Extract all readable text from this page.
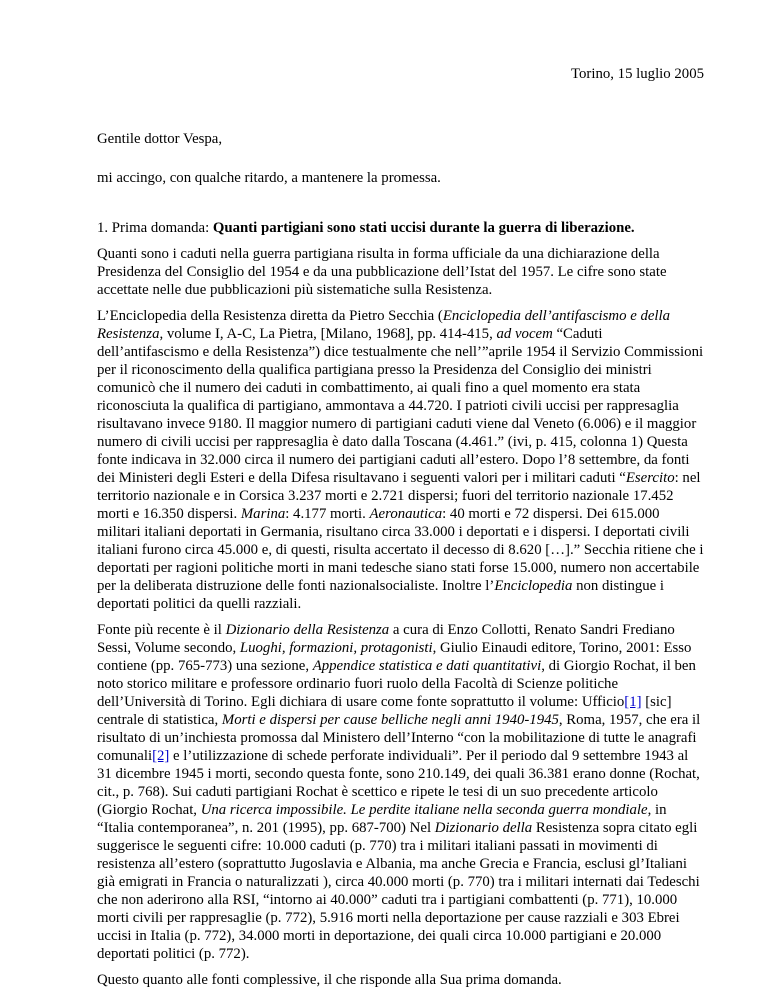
Torino, 15 luglio 2005

Gentile dottor Vespa,

mi accingo, con qualche ritardo, a mantenere la promessa.

1. Prima domanda: Quanti partigiani sono stati uccisi durante la guerra di liberazione.

Quanti sono i caduti nella guerra partigiana risulta in forma ufficiale da una dichiarazione della Presidenza del Consiglio del 1954 e da una pubblicazione dell’Istat del 1957. Le cifre sono state accettate nelle due pubblicazioni più sistematiche sulla Resistenza.

L’Enciclopedia della Resistenza diretta da Pietro Secchia (Enciclopedia dell’antifascismo e della Resistenza, volume I, A-C, La Pietra, [Milano, 1968], pp. 414-415, ad vocem “Caduti dell’antifascismo e della Resistenza”) dice testualmente che nell’”aprile 1954 il Servizio Commissioni per il riconoscimento della qualifica partigiana presso la Presidenza del Consiglio dei ministri comunicò che il numero dei caduti in combattimento, ai quali fino a quel momento era stata riconosciuta la qualifica di partigiano, ammontava a 44.720. I patrioti civili uccisi per rappresaglia risultavano invece 9180. Il maggior numero di partigiani caduti viene dal Veneto (6.006) e il maggior numero di civili uccisi per rappresaglia è dato dalla Toscana (4.461.” (ivi, p. 415, colonna 1) Questa fonte indicava in 32.000 circa il numero dei partigiani caduti all’estero. Dopo l’8 settembre, da fonti dei Ministeri degli Esteri e della Difesa risultavano i seguenti valori per i militari caduti “Esercito: nel territorio nazionale e in Corsica 3.237 morti e 2.721 dispersi; fuori del territorio nazionale 17.452 morti e 16.350 dispersi. Marina: 4.177 morti. Aeronautica: 40 morti e 72 dispersi. Dei 615.000 militari italiani deportati in Germania, risultano circa 33.000 i deportati e i dispersi. I deportati civili italiani furono circa 45.000 e, di questi, risulta accertato il decesso di 8.620 […].” Secchia ritiene che i deportati per ragioni politiche morti in mani tedesche siano stati forse 15.000, numero non accertabile per la deliberata distruzione delle fonti nazionalsocialiste. Inoltre l’Enciclopedia non distingue i deportati politici da quelli razziali.

Fonte più recente è il Dizionario della Resistenza a cura di Enzo Collotti, Renato Sandri Frediano Sessi, Volume secondo, Luoghi, formazioni, protagonisti, Giulio Einaudi editore, Torino, 2001: Esso contiene (pp. 765-773) una sezione, Appendice statistica e dati quantitativi, di Giorgio Rochat, il ben noto storico militare e professore ordinario fuori ruolo della Facoltà di Scienze politiche dell’Università di Torino. Egli dichiara di usare come fonte soprattutto il volume: Ufficio[1] [sic] centrale di statistica, Morti e dispersi per cause belliche negli anni 1940-1945, Roma, 1957, che era il risultato di un’inchiesta promossa dal Ministero dell’Interno “con la mobilitazione di tutte le anagrafi comunali[2] e l’utilizzazione di schede perforate individuali”. Per il periodo dal 9 settembre 1943 al 31 dicembre 1945 i morti, secondo questa fonte, sono 210.149, dei quali 36.381 erano donne (Rochat, cit., p. 768). Sui caduti partigiani Rochat è scettico e ripete le tesi di un suo precedente articolo (Giorgio Rochat, Una ricerca impossibile. Le perdite italiane nella seconda guerra mondiale, in “Italia contemporanea”, n. 201 (1995), pp. 687-700) Nel Dizionario della Resistenza sopra citato egli suggerisce le seguenti cifre: 10.000 caduti (p. 770) tra i militari italiani passati in movimenti di resistenza all’estero (soprattutto Jugoslavia e Albania, ma anche Grecia e Francia, esclusi gl’Italiani già emigrati in Francia o naturalizzati ), circa 40.000 morti (p. 770) tra i militari internati dai Tedeschi che non aderirono alla RSI, “intorno ai 40.000” caduti tra i partigiani combattenti (p. 771), 10.000 morti civili per rappresaglie (p. 772), 5.916 morti nella deportazione per cause razziali e 303 Ebrei uccisi in Italia (p. 772), 34.000 morti in deportazione, dei quali circa 10.000 partigiani e 20.000 deportati politici (p. 772).

Questo quanto alle fonti complessive, il che risponde alla Sua prima domanda.
